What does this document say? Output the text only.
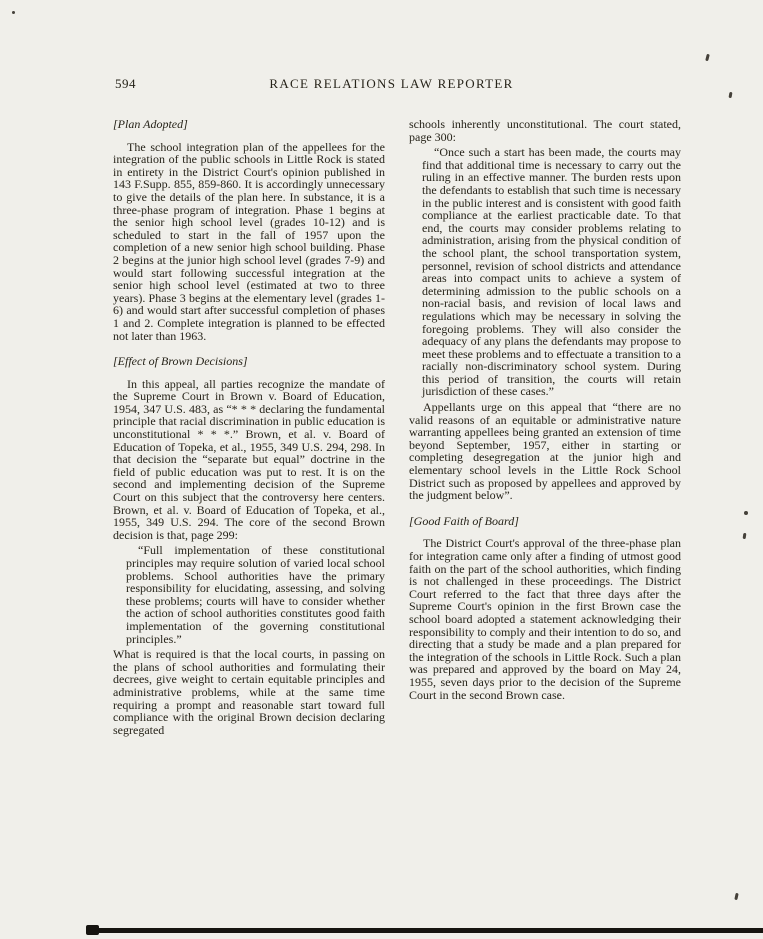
594	RACE RELATIONS LAW REPORTER

[Plan Adopted]

The school integration plan of the appellees for the integration of the public schools in Little Rock is stated in entirety in the District Court's opinion published in 143 F.Supp. 855, 859-860. It is accordingly unnecessary to give the details of the plan here. In substance, it is a three-phase program of integration. Phase 1 begins at the senior high school level (grades 10-12) and is scheduled to start in the fall of 1957 upon the completion of a new senior high school building. Phase 2 begins at the junior high school level (grades 7-9) and would start following successful integration at the senior high school level (estimated at two to three years). Phase 3 begins at the elementary level (grades 1-6) and would start after successful completion of phases 1 and 2. Complete integration is planned to be effected not later than 1963.

[Effect of Brown Decisions]

In this appeal, all parties recognize the mandate of the Supreme Court in Brown v. Board of Education, 1954, 347 U.S. 483, as “* * * declaring the fundamental principle that racial discrimination in public education is unconstitutional * * *.” Brown, et al. v. Board of Education of Topeka, et al., 1955, 349 U.S. 294, 298. In that decision the “separate but equal” doctrine in the field of public education was put to rest. It is on the second and implementing decision of the Supreme Court on this subject that the controversy here centers. Brown, et al. v. Board of Education of Topeka, et al., 1955, 349 U.S. 294. The core of the second Brown decision is that, page 299:

“Full implementation of these constitutional principles may require solution of varied local school problems. School authorities have the primary responsibility for elucidating, assessing, and solving these problems; courts will have to consider whether the action of school authorities constitutes good faith implementation of the governing constitutional principles.”

What is required is that the local courts, in passing on the plans of school authorities and formulating their decrees, give weight to certain equitable principles and administrative problems, while at the same time requiring a prompt and reasonable start toward full compliance with the original Brown decision declaring segregated

schools inherently unconstitutional. The court stated, page 300:

“Once such a start has been made, the courts may find that additional time is necessary to carry out the ruling in an effective manner. The burden rests upon the defendants to establish that such time is necessary in the public interest and is consistent with good faith compliance at the earliest practicable date. To that end, the courts may consider problems relating to administration, arising from the physical condition of the school plant, the school transportation system, personnel, revision of school districts and attendance areas into compact units to achieve a system of determining admission to the public schools on a non-racial basis, and revision of local laws and regulations which may be necessary in solving the foregoing problems. They will also consider the adequacy of any plans the defendants may propose to meet these problems and to effectuate a transition to a racially non-discriminatory school system. During this period of transition, the courts will retain jurisdiction of these cases.”

Appellants urge on this appeal that “there are no valid reasons of an equitable or administrative nature warranting appellees being granted an extension of time beyond September, 1957, either in starting or completing desegregation at the junior high and elementary school levels in the Little Rock School District such as proposed by appellees and approved by the judgment below”.

[Good Faith of Board]

The District Court's approval of the three-phase plan for integration came only after a finding of utmost good faith on the part of the school authorities, which finding is not challenged in these proceedings. The District Court referred to the fact that three days after the Supreme Court's opinion in the first Brown case the school board adopted a statement acknowledging their responsibility to comply and their intention to do so, and directing that a study be made and a plan prepared for the integration of the schools in Little Rock. Such a plan was prepared and approved by the board on May 24, 1955, seven days prior to the decision of the Supreme Court in the second Brown case.
